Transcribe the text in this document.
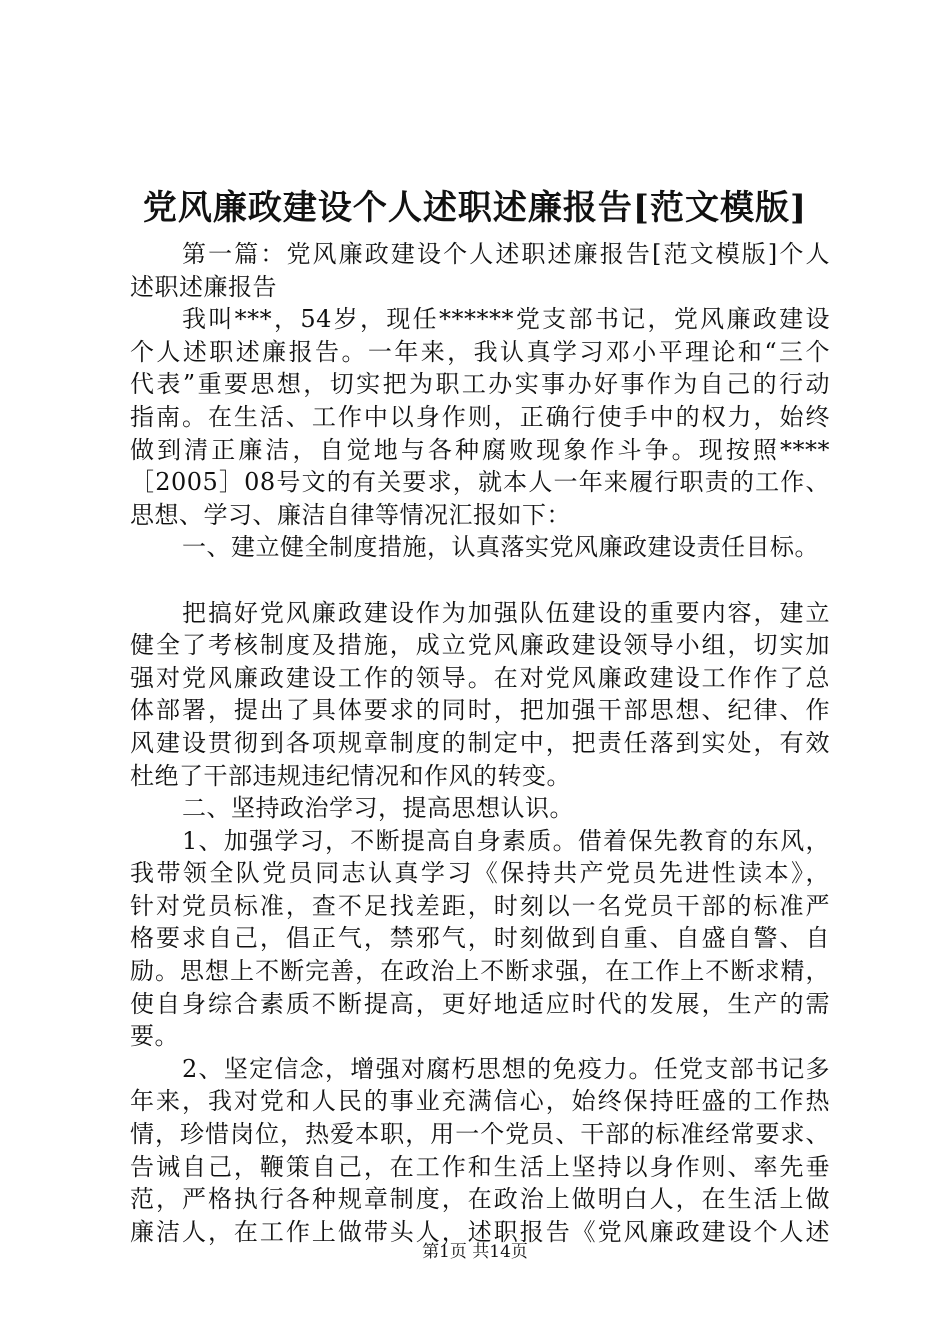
党风廉政建设个人述职述廉报告[范文模版]
第一篇：党风廉政建设个人述职述廉报告[范文模版]个人
述职述廉报告
我叫***，54岁，现任******党支部书记，党风廉政建设
个人述职述廉报告。一年来，我认真学习邓小平理论和“三个
代表”重要思想，切实把为职工办实事办好事作为自己的行动
指南。在生活、工作中以身作则，正确行使手中的权力，始终
做到清正廉洁，自觉地与各种腐败现象作斗争。现按照****
［2005］08号文的有关要求，就本人一年来履行职责的工作、
思想、学习、廉洁自律等情况汇报如下：
一、建立健全制度措施，认真落实党风廉政建设责任目标。
把搞好党风廉政建设作为加强队伍建设的重要内容，建立
健全了考核制度及措施，成立党风廉政建设领导小组，切实加
强对党风廉政建设工作的领导。在对党风廉政建设工作作了总
体部署，提出了具体要求的同时，把加强干部思想、纪律、作
风建设贯彻到各项规章制度的制定中，把责任落到实处，有效
杜绝了干部违规违纪情况和作风的转变。
二、坚持政治学习，提高思想认识。
1、加强学习，不断提高自身素质。借着保先教育的东风，
我带领全队党员同志认真学习《保持共产党员先进性读本》，
针对党员标准，查不足找差距，时刻以一名党员干部的标准严
格要求自己，倡正气，禁邪气，时刻做到自重、自盛自警、自
励。思想上不断完善，在政治上不断求强，在工作上不断求精，
使自身综合素质不断提高，更好地适应时代的发展，生产的需
要。
2、坚定信念，增强对腐朽思想的免疫力。任党支部书记多
年来，我对党和人民的事业充满信心，始终保持旺盛的工作热
情，珍惜岗位，热爱本职，用一个党员、干部的标准经常要求、
告诫自己，鞭策自己，在工作和生活上坚持以身作则、率先垂
范，严格执行各种规章制度，在政治上做明白人，在生活上做
廉洁人，在工作上做带头人，述职报告《党风廉政建设个人述
第1页 共14页
